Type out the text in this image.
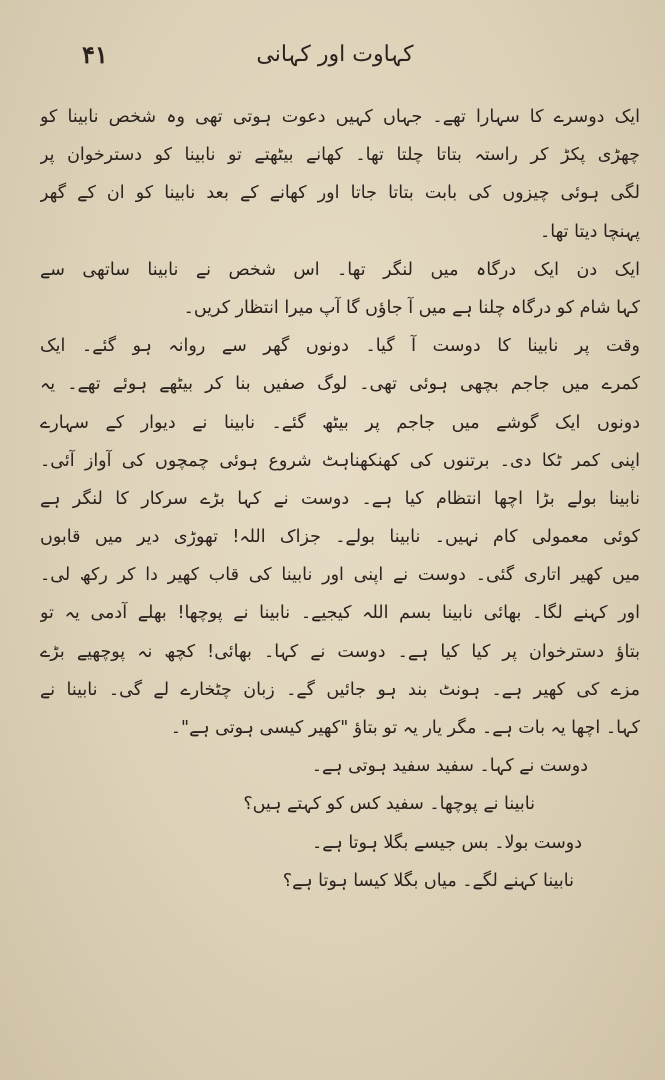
۴۱	کہاوت اور کہانی
ایک دوسرے کا سہارا تھے۔ جہاں کہیں دعوت ہوتی تھی وہ شخص نابینا کو
چھڑی پکڑ کر راستہ بتاتا چلتا تھا۔ کھانے بیٹھتے تو نابینا کو دسترخوان پر
لگی ہوئی چیزوں کی بابت بتاتا جاتا اور کھانے کے بعد نابینا کو ان کے گھر
پہنچا دیتا تھا۔
ایک دن ایک درگاہ میں لنگر تھا۔ اس شخص نے نابینا ساتھی سے
کہا شام کو درگاہ چلنا ہے میں آ جاؤں گا آپ میرا انتظار کریں۔
وقت پر نابینا کا دوست آ گیا۔ دونوں گھر سے روانہ ہو گئے۔ ایک
کمرے میں جاجم بچھی ہوئی تھی۔ لوگ صفیں بنا کر بیٹھے ہوئے تھے۔ یہ
دونوں ایک گوشے میں جاجم پر بیٹھ گئے۔ نابینا نے دیوار کے سہارے
اپنی کمر ٹکا دی۔ برتنوں کی کھنکھناہٹ شروع ہوئی چمچوں کی آواز آئی۔
نابینا بولے بڑا اچھا انتظام کیا ہے۔ دوست نے کہا بڑے سرکار کا لنگر ہے
کوئی معمولی کام نہیں۔ نابینا بولے۔ جزاک اللہ! تھوڑی دیر میں قابوں
میں کھیر اتاری گئی۔ دوست نے اپنی اور نابینا کی قاب کھیر دا کر رکھ لی۔
اور کہنے لگا۔ بھائی نابینا بسم اللہ کیجیے۔ نابینا نے پوچھا! بھلے آدمی یہ تو
بتاؤ دسترخوان پر کیا کیا ہے۔ دوست نے کہا۔ بھائی! کچھ نہ پوچھیے بڑے
مزے کی کھیر ہے۔ ہونٹ بند ہو جائیں گے۔ زبان چٹخارے لے گی۔ نابینا نے
کہا۔ اچھا یہ بات ہے۔ مگر یار یہ تو بتاؤ "کھیر کیسی ہوتی ہے"۔
دوست نے کہا۔ سفید سفید ہوتی ہے۔
نابینا نے پوچھا۔ سفید کس کو کہتے ہیں؟
دوست بولا۔ بس جیسے بگلا ہوتا ہے۔
نابینا کہنے لگے۔ میاں بگلا کیسا ہوتا ہے؟
